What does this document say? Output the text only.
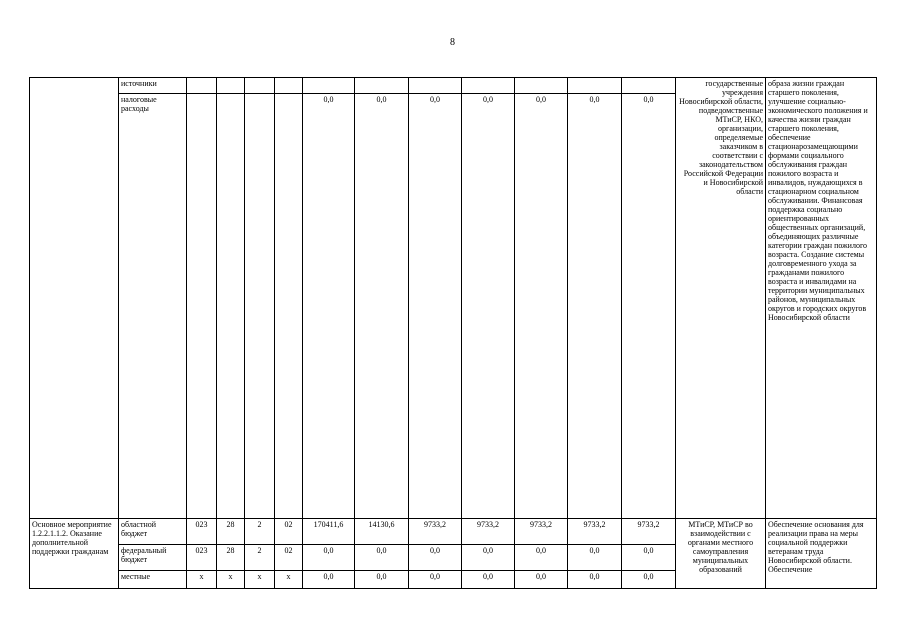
8
	источники												государственные учреждения Новосибирской области, подведомственные МТиСР, НКО, организации, определяемые заказчиком в соответствии с законодательством Российской Федерации и Новосибирской области	образа жизни граждан старшего поколения, улучшение социально-экономического положения и качества жизни граждан старшего поколения, обеспечение стационарозамещающими формами социального обслуживания граждан пожилого возраста и инвалидов, нуждающихся в стационарном социальном обслуживании. Финансовая поддержка социально ориентированных общественных организаций, объединяющих различные категории граждан пожилого возраста. Создание системы долговременного ухода за гражданами пожилого возраста и инвалидами на территории муниципальных районов, муниципальных округов и городских округов Новосибирской области
	налоговые расходы					0,0	0,0	0,0	0,0	0,0	0,0	0,0		
Основное мероприятие 1.2.2.1.1.2. Оказание дополнительной поддержки гражданам	областной бюджет	023	28	2	02	170411,6	14130,6	9733,2	9733,2	9733,2	9733,2	9733,2	МТиСР, МТиСР во взаимодействии с органами местного самоуправления муниципальных образований	Обеспечение основания для реализации права на меры социальной поддержки ветеранам труда Новосибирской области. Обеспечение
	федеральный бюджет	023	28	2	02	0,0	0,0	0,0	0,0	0,0	0,0	0,0		
	местные	х	х	х	х	0,0	0,0	0,0	0,0	0,0	0,0	0,0		
